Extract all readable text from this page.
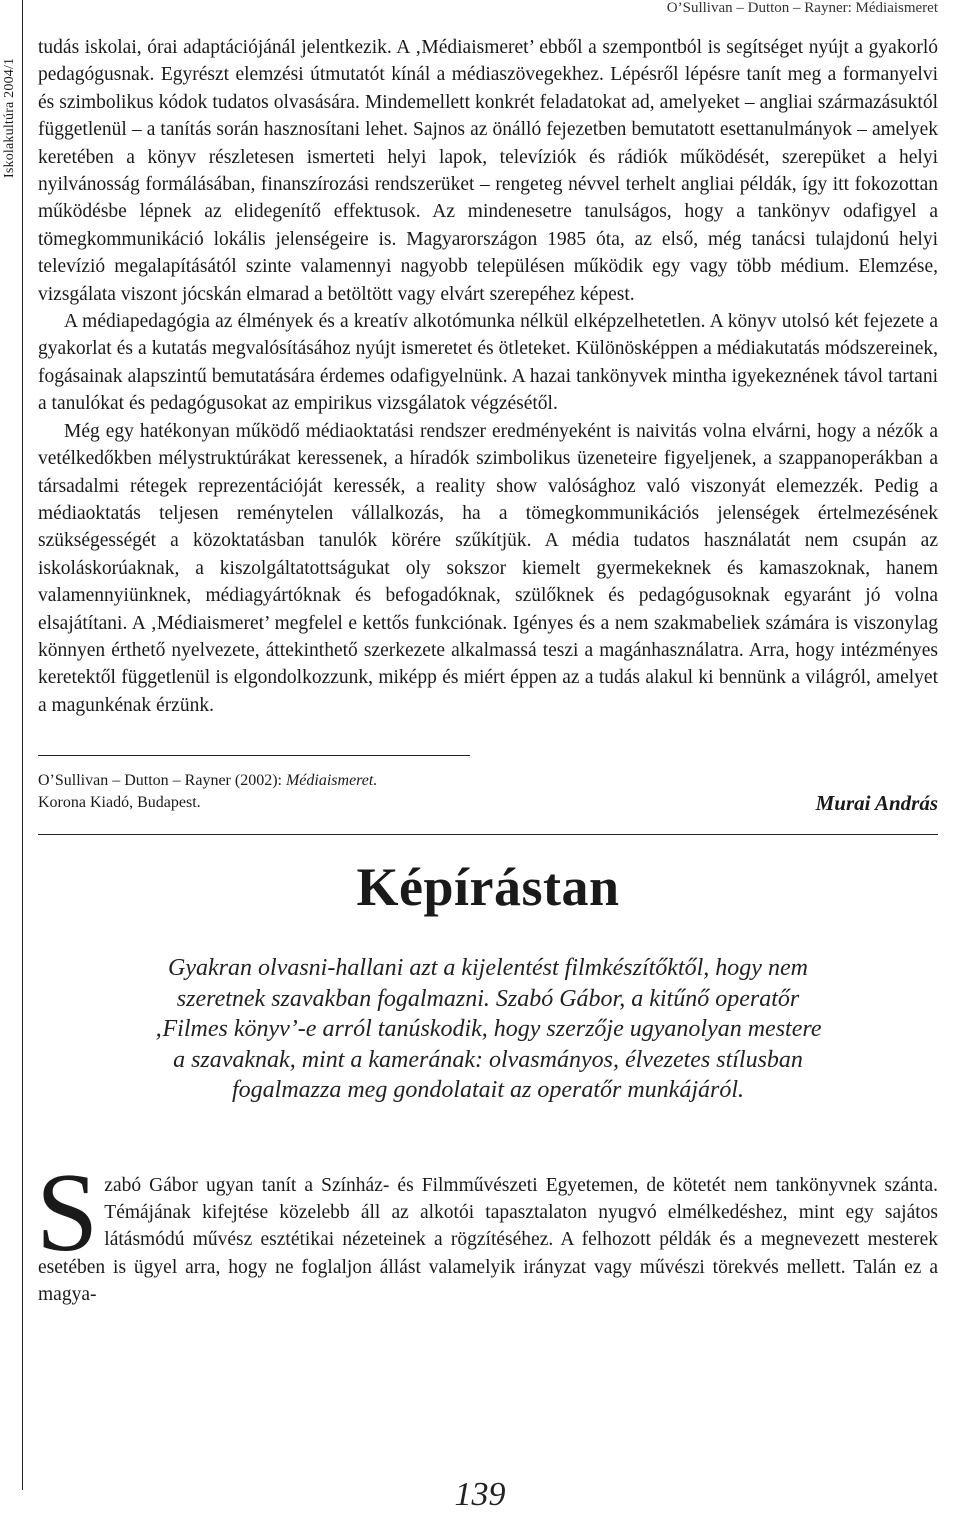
Iskolakultúra 2004/1
O’Sullivan – Dutton – Rayner: Médiaismeret

tudás iskolai, órai adaptációjánál jelentkezik. A ‚Médiaismeret’ ebből a szempontból is segítséget nyújt a gyakorló pedagógusnak. Egyrészt elemzési útmutatót kínál a médiaszövegekhez. Lépésről lépésre tanít meg a formanyelvi és szimbolikus kódok tudatos olvasására. Mindemellett konkrét feladatokat ad, amelyeket – angliai származásuktól függetlenül – a tanítás során hasznosítani lehet. Sajnos az önálló fejezetben bemutatott esettanulmányok – amelyek keretében a könyv részletesen ismerteti helyi lapok, televíziók és rádiók működését, szerepüket a helyi nyilvánosság formálásában, finanszírozási rendszerüket – rengeteg névvel terhelt angliai példák, így itt fokozottan működésbe lépnek az elidegenítő effektusok. Az mindenesetre tanulságos, hogy a tankönyv odafigyel a tömegkommunikáció lokális jelenségeire is. Magyarországon 1985 óta, az első, még tanácsi tulajdonú helyi televízió megalapításától szinte valamennyi nagyobb településen működik egy vagy több médium. Elemzése, vizsgálata viszont jócskán elmarad a betöltött vagy elvárt szerepéhez képest.

A médiapedagógia az élmények és a kreatív alkotómunka nélkül elképzelhetetlen. A könyv utolsó két fejezete a gyakorlat és a kutatás megvalósításához nyújt ismeretet és ötleteket. Különösképpen a médiakutatás módszereinek, fogásainak alapszintű bemutatására érdemes odafigyelnünk. A hazai tankönyvek mintha igyekeznének távol tartani a tanulókat és pedagógusokat az empirikus vizsgálatok végzésétől.

Még egy hatékonyan működő médiaoktatási rendszer eredményeként is naivitás volna elvárni, hogy a nézők a vetélkedőkben mélystruktúrákat keressenek, a híradók szimbolikus üzeneteire figyeljenek, a szappanoperákban a társadalmi rétegek reprezentációját keressék, a reality show valósághoz való viszonyát elemezzék. Pedig a médiaoktatás teljesen reménytelen vállalkozás, ha a tömegkommunikációs jelenségek értelmezésének szükségességét a közoktatásban tanulók körére szűkítjük. A média tudatos használatát nem csupán az iskoláskorúaknak, a kiszolgáltatottságukat oly sokszor kiemelt gyermekeknek és kamaszoknak, hanem valamennyiünknek, médiagyártóknak és befogadóknak, szülőknek és pedagógusoknak egyaránt jó volna elsajátítani. A ‚Médiaismeret’ megfelel e kettős funkciónak. Igényes és a nem szakmabeliek számára is viszonylag könnyen érthető nyelvezete, áttekinthető szerkezete alkalmassá teszi a magánhasználatra. Arra, hogy intézményes keretektől függetlenül is elgondolkozzunk, miképp és miért éppen az a tudás alakul ki bennünk a világról, amelyet a magunkénak érzünk.

O’Sullivan – Dutton – Rayner (2002): Médiaismeret.
Korona Kiadó, Budapest.	Murai András
Képírástan
Gyakran olvasni-hallani azt a kijelentést filmkészítőktől, hogy nem
szeretnek szavakban fogalmazni. Szabó Gábor, a kitűnő operatőr
‚Filmes könyv’-e arról tanúskodik, hogy szerzője ugyanolyan mestere
a szavaknak, mint a kamerának: olvasmányos, élvezetes stílusban
fogalmazza meg gondolatait az operatőr munkájáról.

Szabó Gábor ugyan tanít a Színház- és Filmművészeti Egyetemen, de kötetét nem tankönyvnek szánta. Témájának kifejtése közelebb áll az alkotói tapasztalaton nyugvó elmélkedéshez, mint egy sajátos látásmódú művész esztétikai nézeteinek a rögzítéséhez. A felhozott példák és a megnevezett mesterek esetében is ügyel arra, hogy ne foglaljon állást valamelyik irányzat vagy művészi törekvés mellett. Talán ez a magya-

139
